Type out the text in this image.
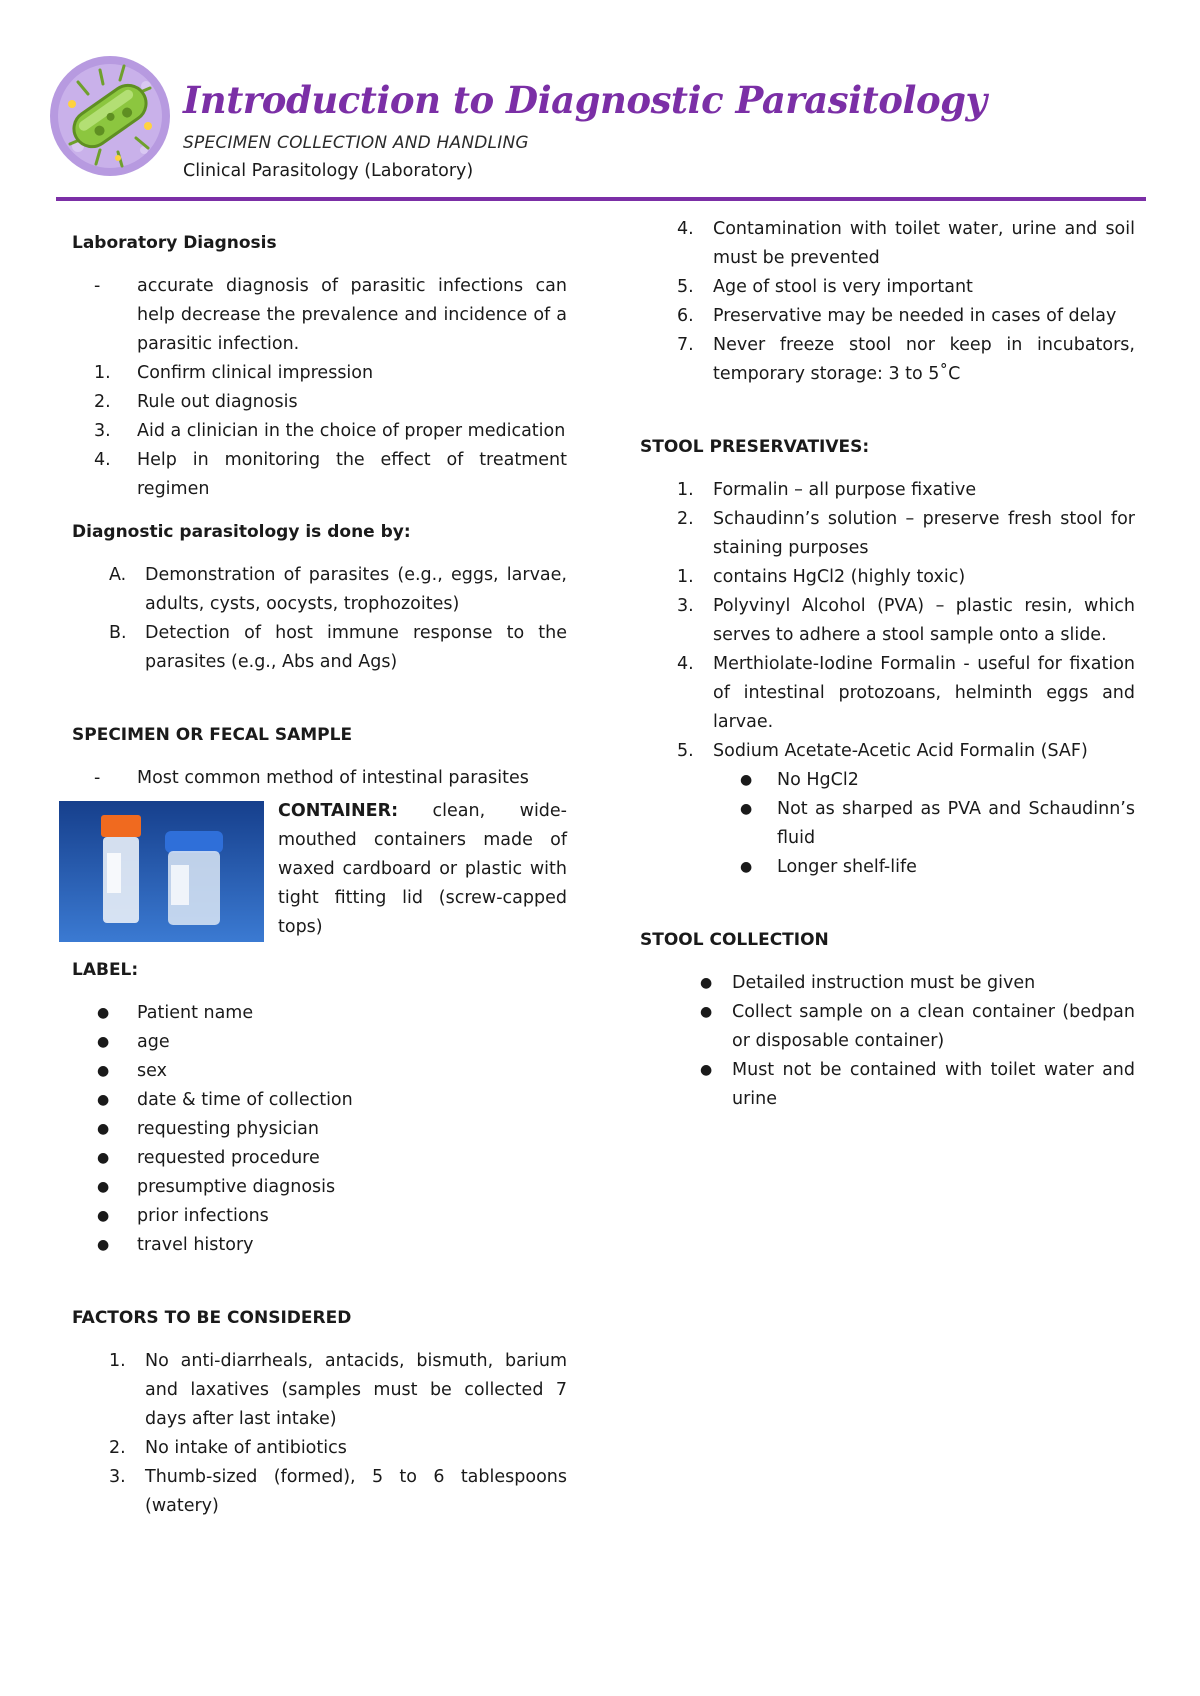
Introduction to Diagnostic Parasitology
SPECIMEN COLLECTION AND HANDLING
Clinical Parasitology (Laboratory)

Laboratory Diagnosis

- accurate diagnosis of parasitic infections can help decrease the prevalence and incidence of a parasitic infection.
1. Confirm clinical impression
2. Rule out diagnosis
3. Aid a clinician in the choice of proper medication
4. Help in monitoring the effect of treatment regimen

Diagnostic parasitology is done by:

A. Demonstration of parasites (e.g., eggs, larvae, adults, cysts, oocysts, trophozoites)
B. Detection of host immune response to the parasites (e.g., Abs and Ags)

SPECIMEN OR FECAL SAMPLE

- Most common method of intestinal parasites
CONTAINER: clean, wide-mouthed containers made of waxed cardboard or plastic with tight fitting lid (screw-capped tops)

LABEL:

● Patient name
● age
● sex
● date & time of collection
● requesting physician
● requested procedure
● presumptive diagnosis
● prior infections
● travel history

FACTORS TO BE CONSIDERED

1. No anti-diarrheals, antacids, bismuth, barium and laxatives (samples must be collected 7 days after last intake)
2. No intake of antibiotics
3. Thumb-sized (formed), 5 to 6 tablespoons (watery)
4. Contamination with toilet water, urine and soil must be prevented
5. Age of stool is very important
6. Preservative may be needed in cases of delay
7. Never freeze stool nor keep in incubators, temporary storage: 3 to 5˚C

STOOL PRESERVATIVES:

1. Formalin – all purpose fixative
2. Schaudinn’s solution – preserve fresh stool for staining purposes
1. contains HgCl2 (highly toxic)
3. Polyvinyl Alcohol (PVA) – plastic resin, which serves to adhere a stool sample onto a slide.
4. Merthiolate-Iodine Formalin - useful for fixation of intestinal protozoans, helminth eggs and larvae.
5. Sodium Acetate-Acetic Acid Formalin (SAF)
● No HgCl2
● Not as sharped as PVA and Schaudinn’s fluid
● Longer shelf-life

STOOL COLLECTION

● Detailed instruction must be given
● Collect sample on a clean container (bedpan or disposable container)
● Must not be contained with toilet water and urine
